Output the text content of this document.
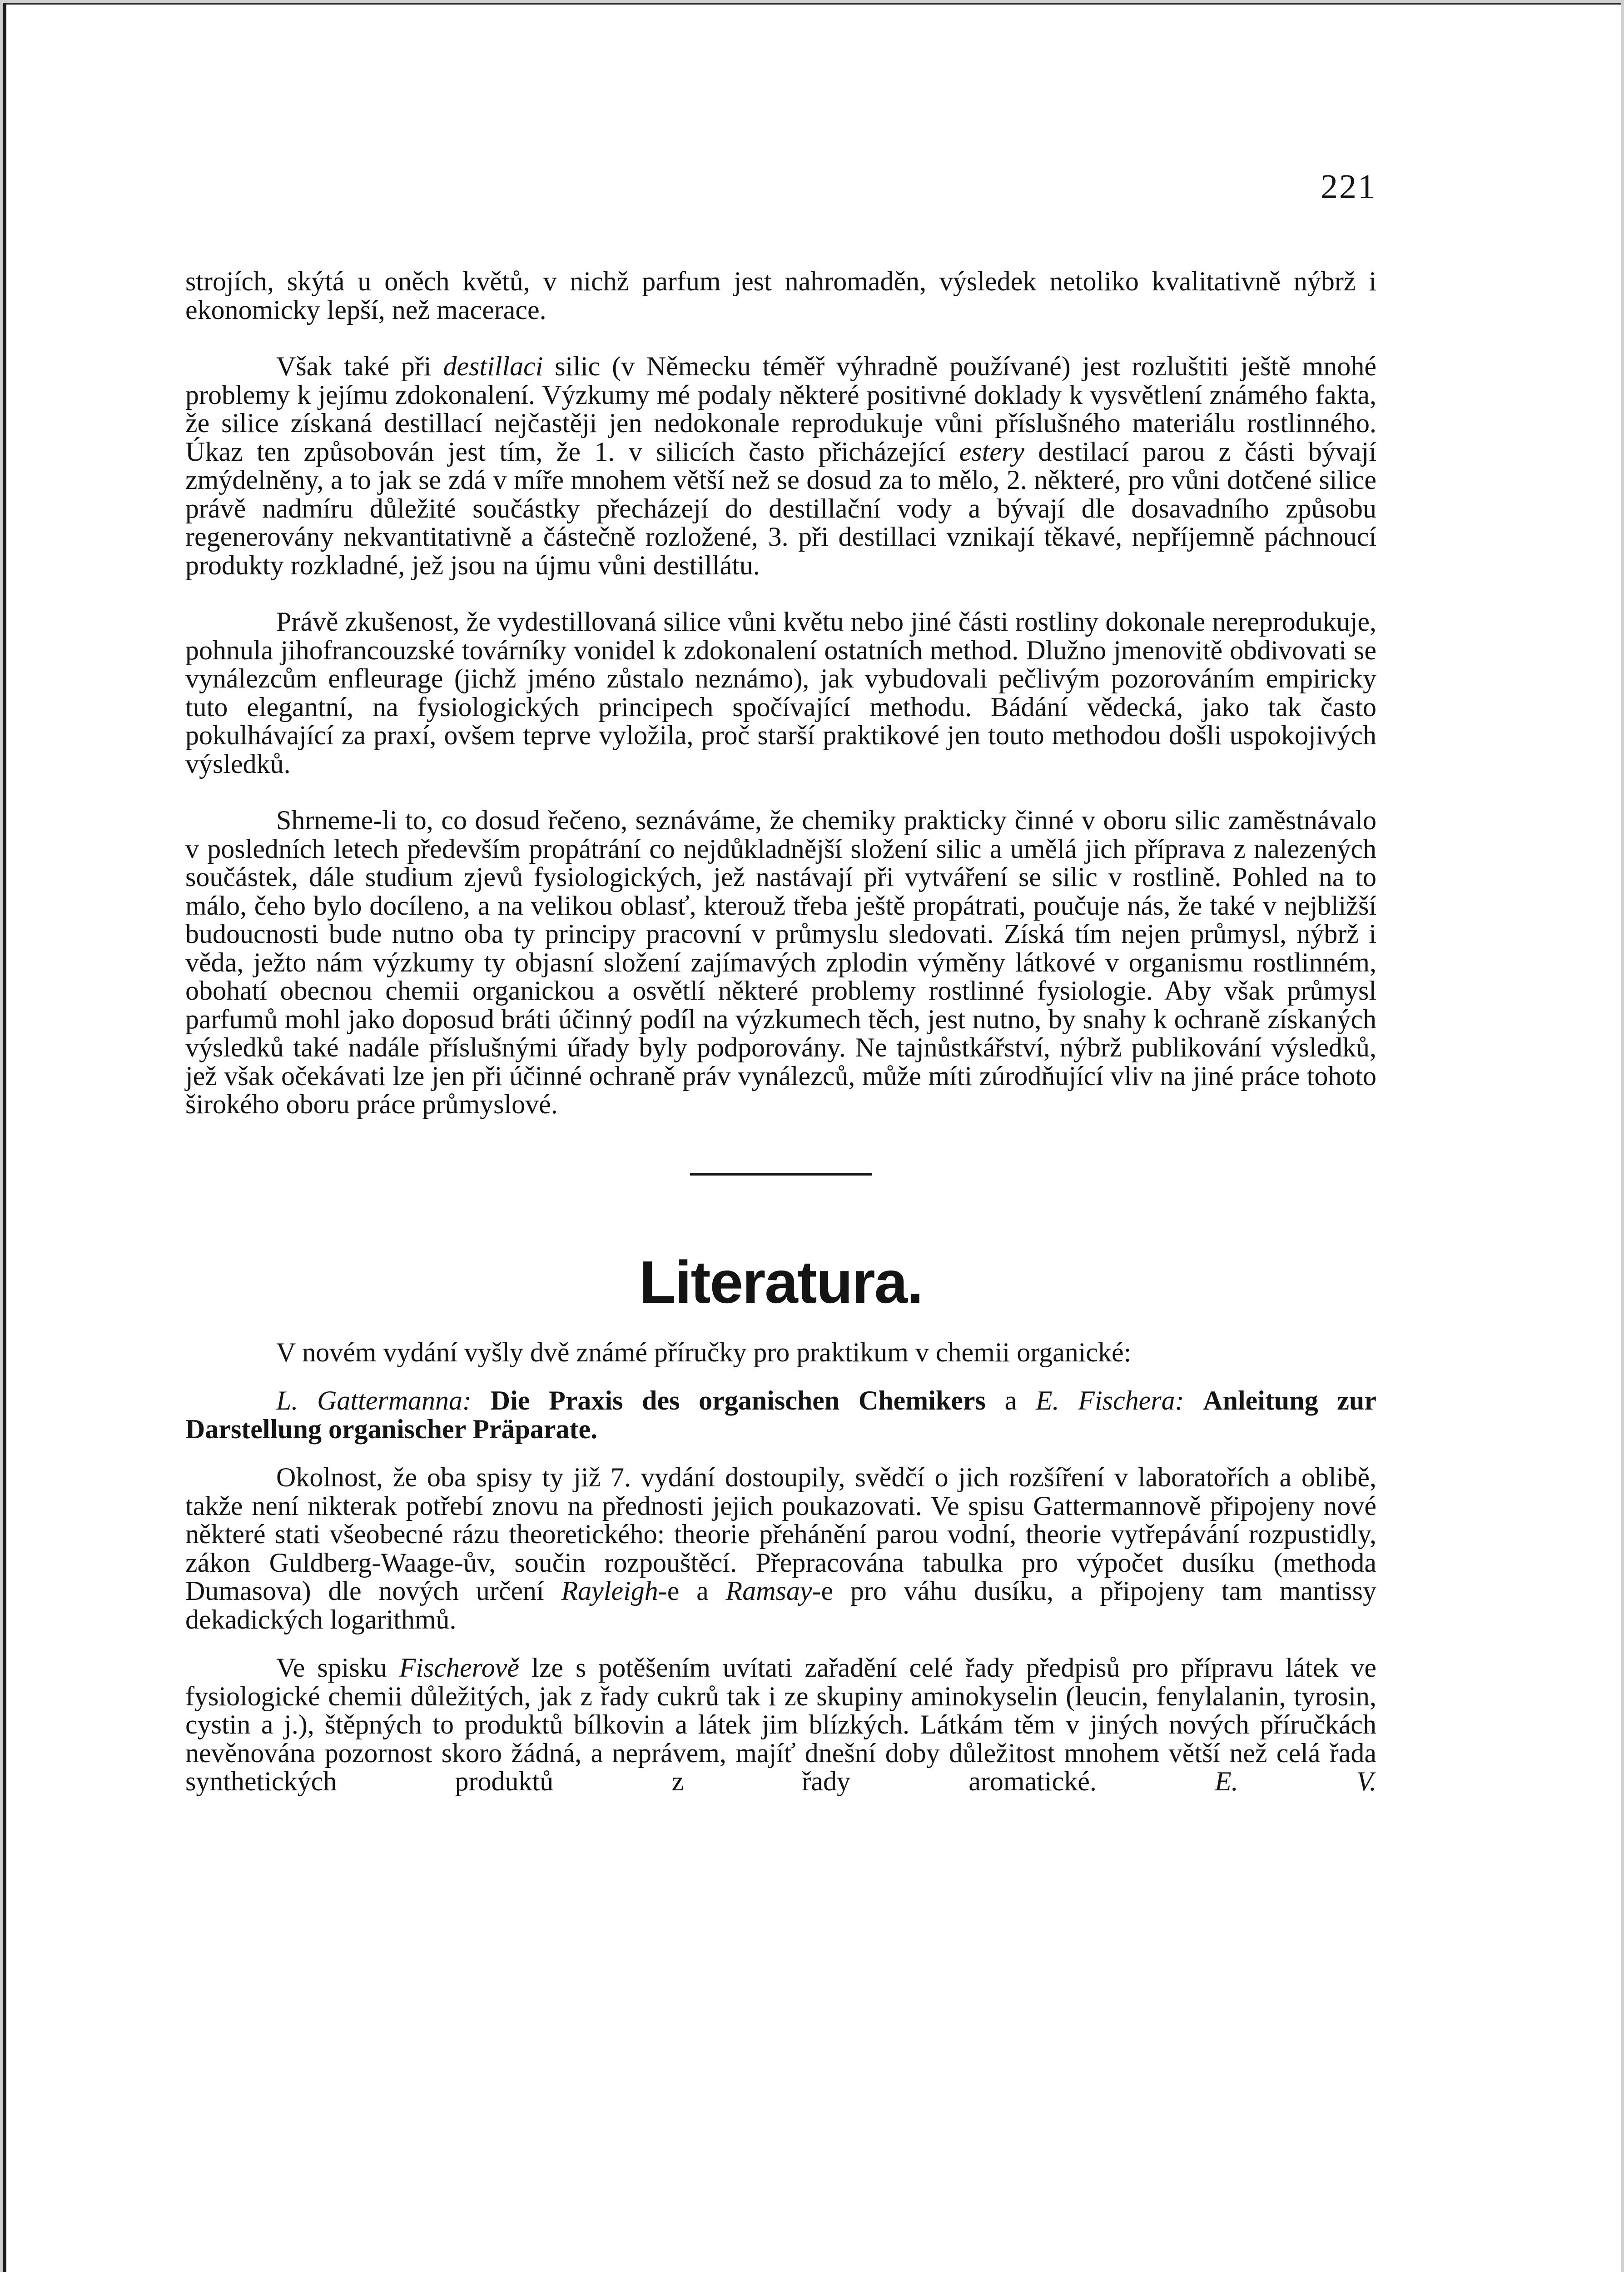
221

strojích, skýtá u oněch květů, v nichž parfum jest nahromaděn, výsledek netoliko kvalitativně nýbrž i ekonomicky lepší, než macerace.

Však také při destillaci silic (v Německu téměř výhradně používané) jest rozluštiti ještě mnohé problemy k jejímu zdokonalení. Výzkumy mé podaly některé positivné doklady k vysvětlení známého fakta, že silice získaná destillací nejčastěji jen nedokonale reprodukuje vůni příslušného materiálu rostlinného. Úkaz ten způsobován jest tím, že 1. v silicích často přicházející estery destilací parou z části bývají zmýdelněny, a to jak se zdá v míře mnohem větší než se dosud za to mělo, 2. některé, pro vůni dotčené silice právě nadmíru důležité součástky přecházejí do destillační vody a bývají dle dosavadního způsobu regenerovány nekvantitativně a částečně rozložené, 3. při destillaci vznikají těkavé, nepříjemně páchnoucí produkty rozkladné, jež jsou na újmu vůni destillátu.

Právě zkušenost, že vydestillovaná silice vůni květu nebo jiné části rostliny dokonale nereprodukuje, pohnula jihofrancouzské továrníky vonidel k zdokonalení ostatních method. Dlužno jmenovitě obdivovati se vynálezcům enfleurage (jichž jméno zůstalo neznámo), jak vybudovali pečlivým pozorováním empiricky tuto elegantní, na fysiologických principech spočívající methodu. Bádání vědecká, jako tak často pokulhávající za praxí, ovšem teprve vyložila, proč starší praktikové jen touto methodou došli uspokojivých výsledků.

Shrneme-li to, co dosud řečeno, seznáváme, že chemiky prakticky činné v oboru silic zaměstnávalo v posledních letech především propátrání co nejdůkladnější složení silic a umělá jich příprava z nalezených součástek, dále studium zjevů fysiologických, jež nastávají při vytváření se silic v rostlině. Pohled na to málo, čeho bylo docíleno, a na velikou oblasť, kterouž třeba ještě propátrati, poučuje nás, že také v nejbližší budoucnosti bude nutno oba ty principy pracovní v průmyslu sledovati. Získá tím nejen průmysl, nýbrž i věda, ježto nám výzkumy ty objasní složení zajímavých zplodin výměny látkové v organismu rostlinném, obohatí obecnou chemii organickou a osvětlí některé problemy rostlinné fysiologie. Aby však průmysl parfumů mohl jako doposud bráti účinný podíl na výzkumech těch, jest nutno, by snahy k ochraně získaných výsledků také nadále příslušnými úřady byly podporovány. Ne tajnůstkářství, nýbrž publikování výsledků, jež však očekávati lze jen při účinné ochraně práv vynálezců, může míti zúrodňující vliv na jiné práce tohoto širokého oboru práce průmyslové.

Literatura.

V novém vydání vyšly dvě známé příručky pro praktikum v chemii organické:

L. Gattermanna: Die Praxis des organischen Chemikers a E. Fischera: Anleitung zur Darstellung organischer Präparate.

Okolnost, že oba spisy ty již 7. vydání dostoupily, svědčí o jich rozšíření v laboratořích a oblibě, takže není nikterak potřebí znovu na přednosti jejich poukazovati. Ve spisu Gattermannově připojeny nové některé stati všeobecné rázu theoretického: theorie přehánění parou vodní, theorie vytřepávání rozpustidly, zákon Guldberg-Waage-ův, součin rozpouštěcí. Přepracována tabulka pro výpočet dusíku (methoda Dumasova) dle nových určení Rayleigh-e a Ramsay-e pro váhu dusíku, a připojeny tam mantissy dekadických logarithmů.

Ve spisku Fischerově lze s potěšením uvítati zařadění celé řady předpisů pro přípravu látek ve fysiologické chemii důležitých, jak z řady cukrů tak i ze skupiny aminokyselin (leucin, fenylalanin, tyrosin, cystin a j.), štěpných to produktů bílkovin a látek jim blízkých. Látkám těm v jiných nových příručkách nevěnována pozornost skoro žádná, a neprávem, majíť dnešní doby důležitost mnohem větší než celá řada synthetických produktů z řady aromatické.	E. V.
